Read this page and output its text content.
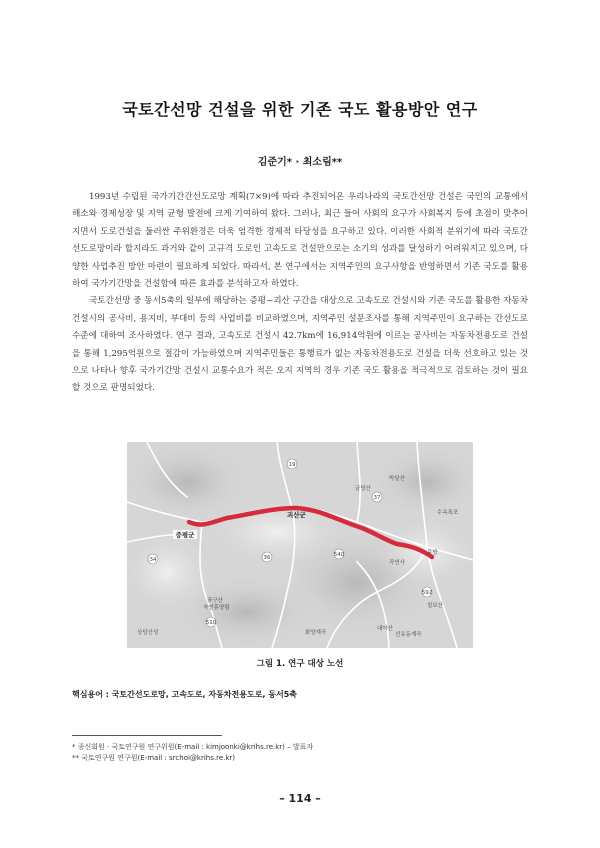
국토간선망 건설을 위한 기존 국도 활용방안 연구
김준기* · 최소림**

1993년 수립된 국가기간간선도로망 계획(7×9)에 따라 추진되어온 우리나라의 국토간선망 건설은 국민의 교통에서 해소와 경제성장 및 지역 균형 발전에 크게 기여하여 왔다. 그러나, 최근 들어 사회의 요구가 사회복지 등에 초점이 맞추어지면서 도로건설을 둘러싼 주위환경은 더욱 엄격한 경제적 타당성을 요구하고 있다. 이러한 사회적 분위기에 따라 국토간선도로망이라 할지라도 과거와 같이 고규격 도로인 고속도로 건설만으로는 소기의 성과를 달성하기 어려워지고 있으며, 다양한 사업추진 방안 마련이 필요하게 되었다. 따라서, 본 연구에서는 지역주민의 요구사항을 반영하면서 기존 국도를 활용하여 국가기간망을 건설함에 따른 효과를 분석하고자 하였다.

국토간선망 중 동서5축의 일부에 해당하는 증평~괴산 구간을 대상으로 고속도로 건설시와 기존 국도를 활용한 자동차 건설시의 공사비, 용지비, 부대비 등의 사업비를 비교하였으며, 지역주민 설문조사를 통해 지역주민이 요구하는 간선도로 수준에 대하여 조사하였다. 연구 결과, 고속도로 건설시 42.7km에 16,914억원에 이르는 공사비는 자동차전용도로 건설을 통해 1,295억원으로 절감이 가능하였으며 지역주민들은 통행료가 없는 자동차전용도로 건설을 더욱 선호하고 있는 것으로 나타나 향후 국가기간망 건설시 교통수요가 적은 오지 지역의 경우 기존 국도 활용을 적극적으로 검토하는 것이 필요할 것으로 판명되었다.

34
19
36
37
510
540
592
증평군
괴산군
박달산
수옥폭포
각연사
금당산
칠보산
좌구산
자연휴양림
상당산성	화양계곡
대야산
선유동계곡
문방
그림 1. 연구 대상 노선
핵심용어 : 국토간선도로망, 고속도로, 자동차전용도로, 동서5축
* 종신회원 · 국토연구원 연구위원(E-mail : kimjoonki@krihs.re.kr) – 발표자
** 국토연구원 연구원(E-mail : srchoi@krihs.re.kr)
– 114 –
